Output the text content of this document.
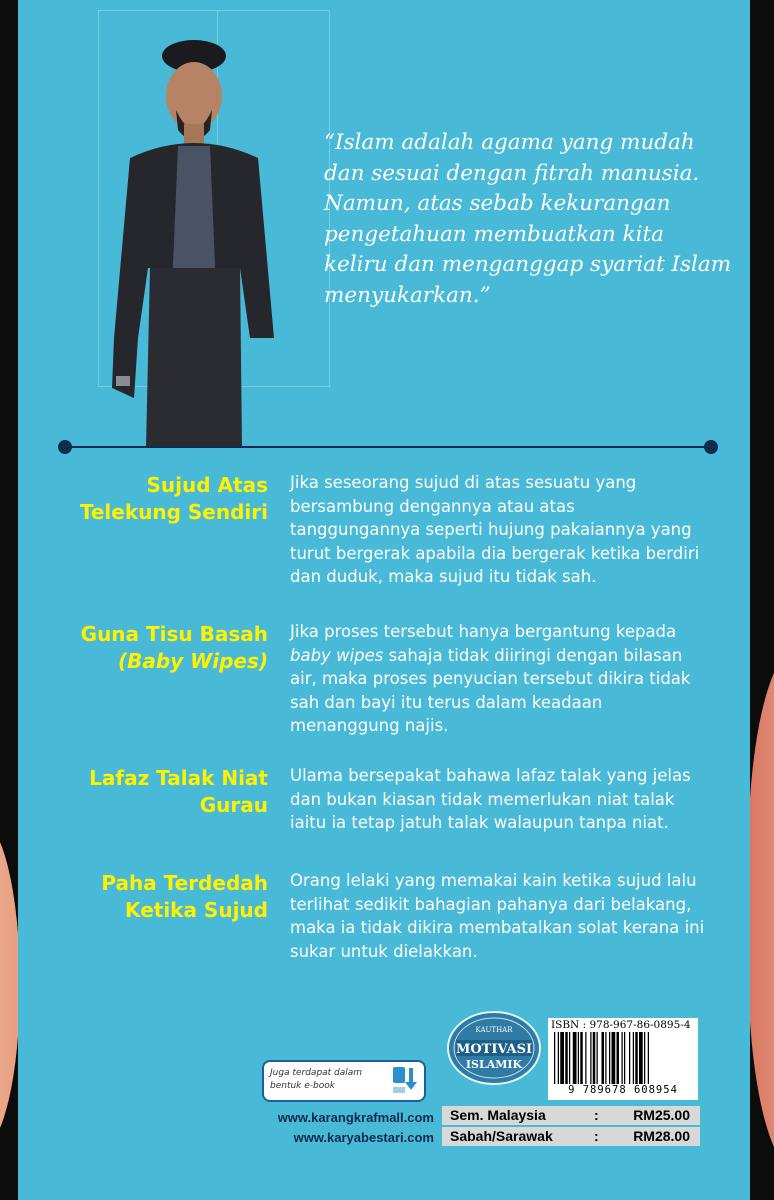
“Islam adalah agama yang mudah dan sesuai dengan fitrah manusia. Namun, atas sebab kekurangan pengetahuan membuatkan kita keliru dan menganggap syariat Islam menyukarkan.”

Sujud Atas
Telekung Sendiri
Jika seseorang sujud di atas sesuatu yang bersambung dengannya atau atas tanggungannya seperti hujung pakaiannya yang turut bergerak apabila dia bergerak ketika berdiri dan duduk, maka sujud itu tidak sah.
Guna Tisu Basah
(Baby Wipes)
Jika proses tersebut hanya bergantung kepada baby wipes sahaja tidak diiringi dengan bilasan air, maka proses penyucian tersebut dikira tidak sah dan bayi itu terus dalam keadaan menanggung najis.
Lafaz Talak Niat
Gurau
Ulama bersepakat bahawa lafaz talak yang jelas dan bukan kiasan tidak memerlukan niat talak iaitu ia tetap jatuh talak walaupun tanpa niat.
Paha Terdedah
Ketika Sujud
Orang lelaki yang memakai kain ketika sujud lalu terlihat sedikit bahagian pahanya dari belakang, maka ia tidak dikira membatalkan solat kerana ini sukar untuk dielakkan.
Juga terdapat dalam bentuk e-book
www.karangkrafmall.com
www.karyabestari.com
KAUTHAR
MOTIVASI
ISLAMIK
ISBN : 978-967-86-0895-4
9 789678 608954
Sem. Malaysia	: RM25.00
Sabah/Sarawak	: RM28.00
